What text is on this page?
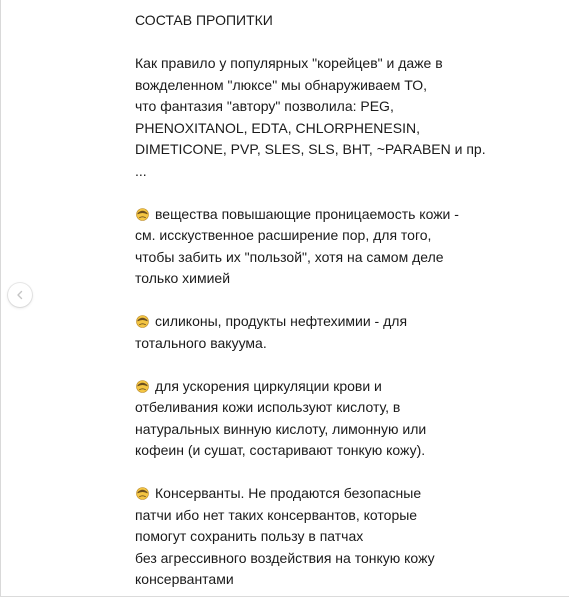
СОСТАВ ПРОПИТКИ
Как правило у популярных "корейцев" и даже в
вожделенном "люксе" мы обнаруживаем ТО,
что фантазия "автору" позволила: PEG,
PHENOXITANOL, EDTA, CHLORPHENESIN,
DIMETICONE, PVP, SLES, SLS, BHT, ~PARABEN и пр.
...
вещества повышающие проницаемость кожи -
см. исскуственное расширение пор, для того,
чтобы забить их "пользой", хотя на самом деле
только химией
силиконы, продукты нефтехимии - для
тотального вакуума.
для ускорения циркуляции крови и
отбеливания кожи используют кислоту, в
натуральных винную кислоту, лимонную или
кофеин (и сушат, состаривают тонкую кожу).
Консерванты. Не продаются безопасные
патчи ибо нет таких консервантов, которые
помогут сохранить пользу в патчах
без агрессивного воздействия на тонкую кожу
консервантами
